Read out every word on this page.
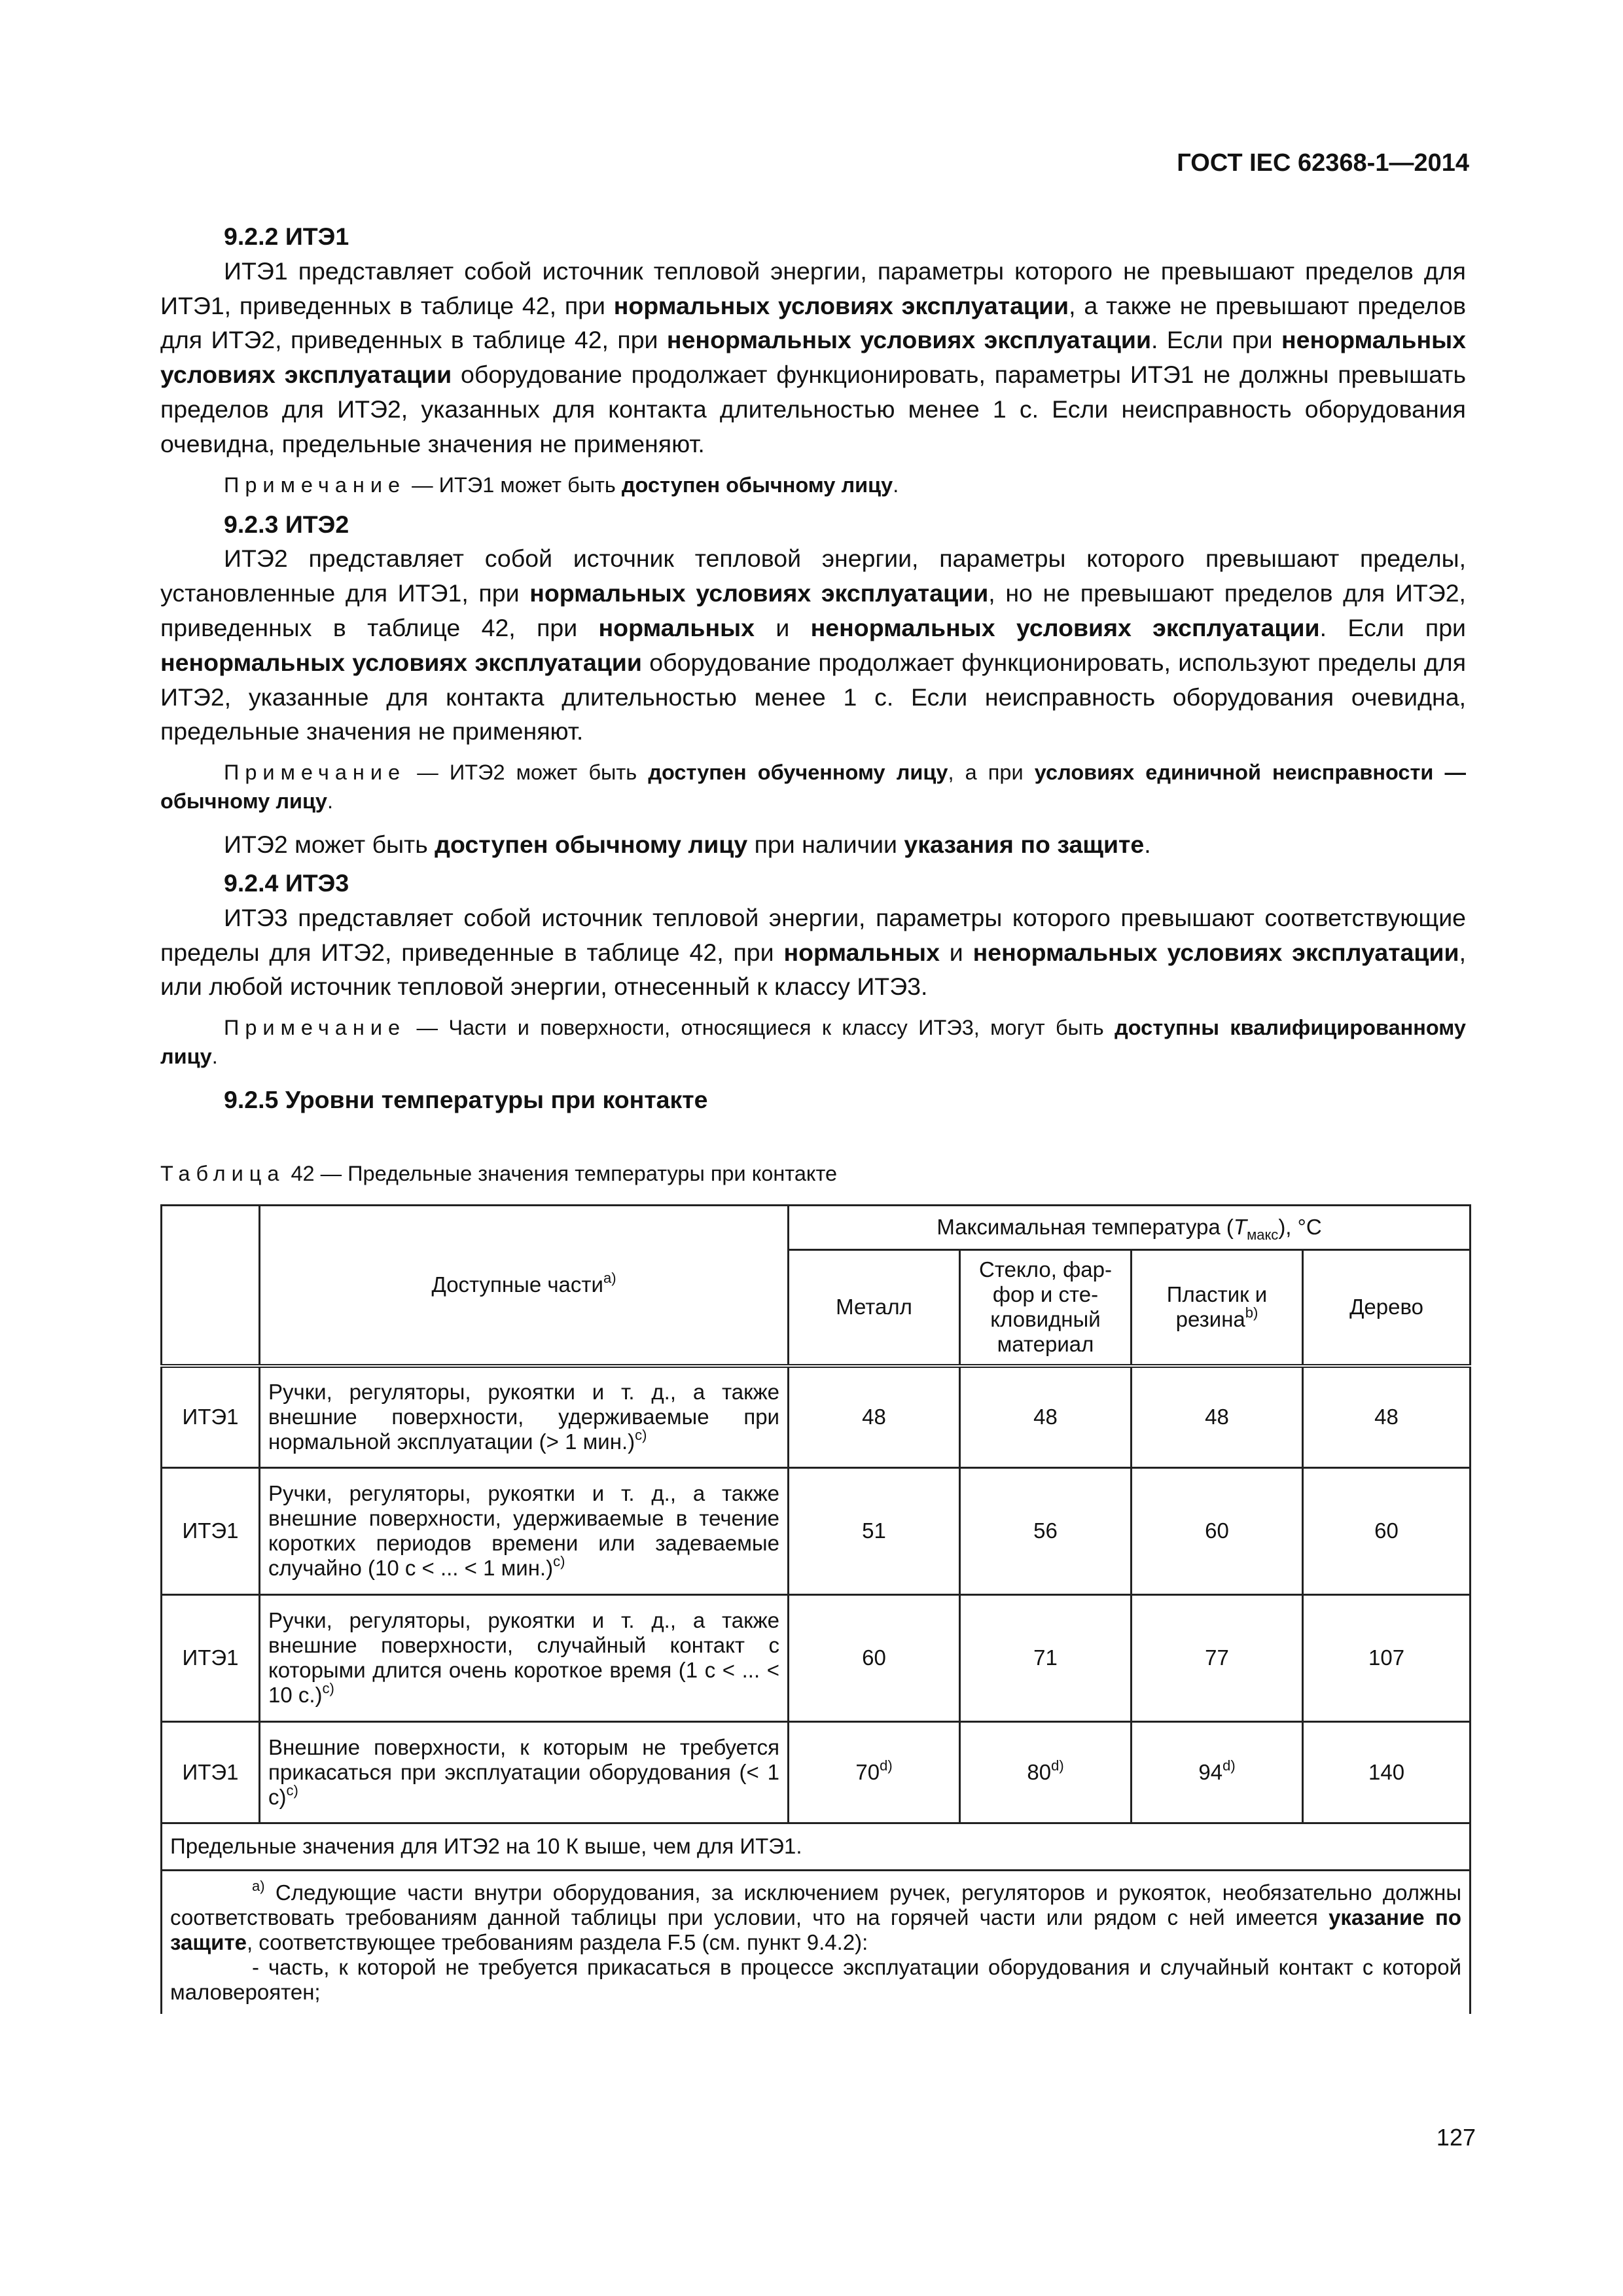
ГОСТ IEC 62368-1—2014

9.2.2 ИТЭ1

ИТЭ1 представляет собой источник тепловой энергии, параметры которого не превышают пределов для ИТЭ1, приведенных в таблице 42, при нормальных условиях эксплуатации, а также не превышают пределов для ИТЭ2, приведенных в таблице 42, при ненормальных условиях эксплуатации. Если при ненормальных условиях эксплуатации оборудование продолжает функционировать, параметры ИТЭ1 не должны превышать пределов для ИТЭ2, указанных для контакта длительностью менее 1 с. Если неисправность оборудования очевидна, предельные значения не применяют.

Примечание — ИТЭ1 может быть доступен обычному лицу.

9.2.3 ИТЭ2

ИТЭ2 представляет собой источник тепловой энергии, параметры которого превышают пределы, установленные для ИТЭ1, при нормальных условиях эксплуатации, но не превышают пределов для ИТЭ2, приведенных в таблице 42, при нормальных и ненормальных условиях эксплуатации. Если при ненормальных условиях эксплуатации оборудование продолжает функционировать, используют пределы для ИТЭ2, указанные для контакта длительностью менее 1 с. Если неисправность оборудования очевидна, предельные значения не применяют.

Примечание — ИТЭ2 может быть доступен обученному лицу, а при условиях единичной неисправности — обычному лицу.

ИТЭ2 может быть доступен обычному лицу при наличии указания по защите.

9.2.4 ИТЭ3

ИТЭ3 представляет собой источник тепловой энергии, параметры которого превышают соответствующие пределы для ИТЭ2, приведенные в таблице 42, при нормальных и ненормальных условиях эксплуатации, или любой источник тепловой энергии, отнесенный к классу ИТЭ3.

Примечание — Части и поверхности, относящиеся к классу ИТЭ3, могут быть доступны квалифицированному лицу.

9.2.5 Уровни температуры при контакте

Таблица 42 — Предельные значения температуры при контакте
	Доступные части$^{a)}$	Максимальная температура $(T_{макс})$, °C			
		Металл	Стекло, фарфор и стекловидный материал	Пластик и резина$^{b)}$	Дерево
ИТЭ1	Ручки, регуляторы, рукоятки и т. д., а также внешние поверхности, удерживаемые при нормальной эксплуатации (> 1 мин.)$^{c)}$	48	48	48	48
ИТЭ1	Ручки, регуляторы, рукоятки и т. д., а также внешние поверхности, удерживаемые в течение коротких периодов времени или задеваемые случайно (10 с < ... < 1 мин.)$^{c)}$	51	56	60	60
ИТЭ1	Ручки, регуляторы, рукоятки и т. д., а также внешние поверхности, случайный контакт с которыми длится очень короткое время (1 с < ... < 10 с.)$^{c)}$	60	71	77	107
ИТЭ1	Внешние поверхности, к которым не требуется прикасаться при эксплуатации оборудования (< 1 с)$^{c)}$	70$^{d)}$	80$^{d)}$	94$^{d)}$	140
Предельные значения для ИТЭ2 на 10 К выше, чем для ИТЭ1.					

$^{a)}$ Следующие части внутри оборудования, за исключением ручек, регуляторов и рукояток, необязательно должны соответствовать требованиям данной таблицы при условии, что на горячей части или рядом с ней имеется указание по защите, соответствующее требованиям раздела F.5 (см. пункт 9.4.2):
- часть, к которой не требуется прикасаться в процессе эксплуатации оборудования и случайный контакт с которой маловероятен;					
127
